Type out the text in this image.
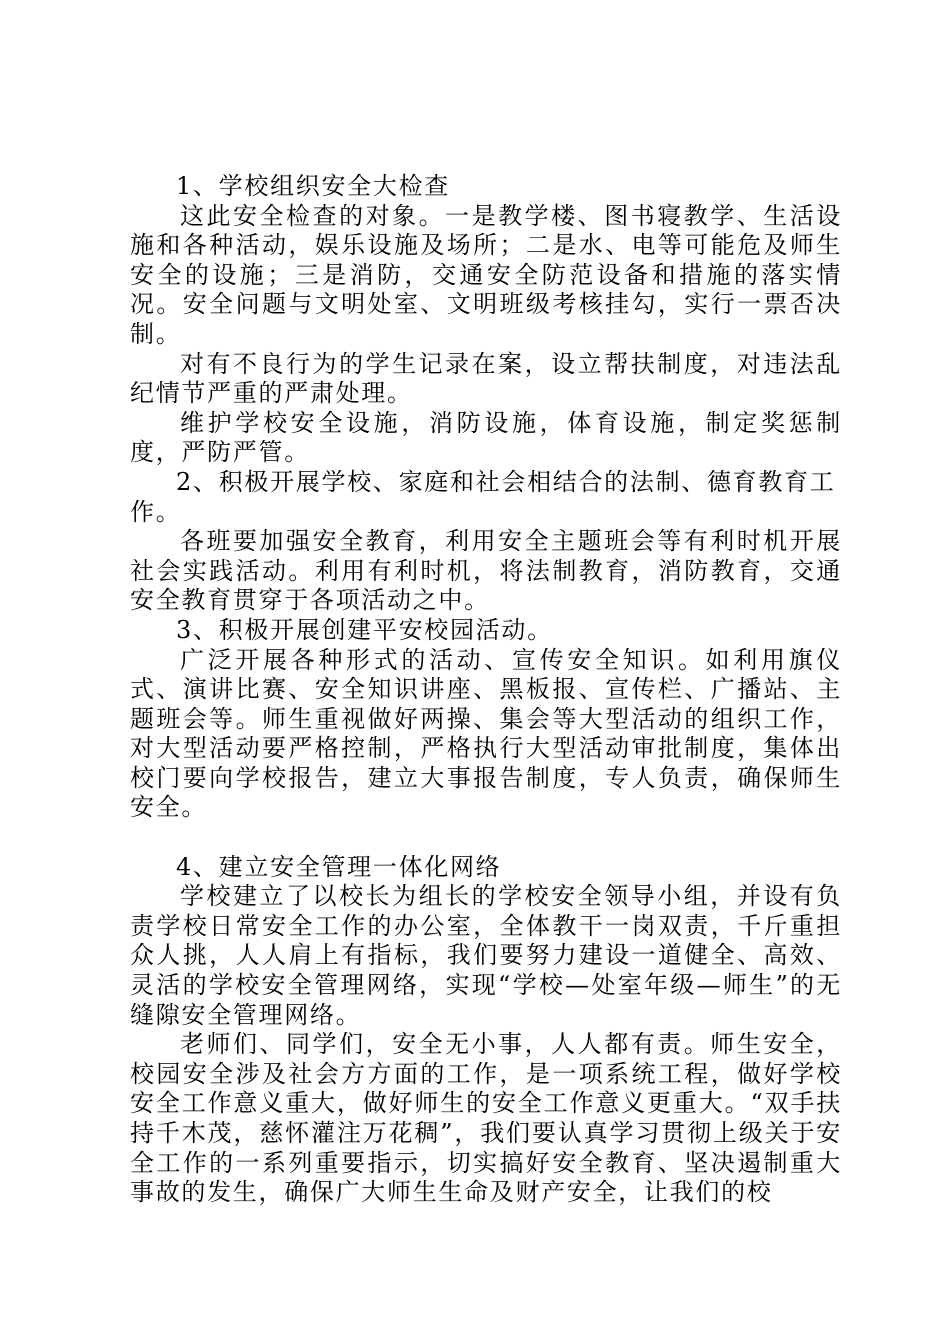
1、学校组织安全大检查

这此安全检查的对象。一是教学楼、图书寝教学、生活设施和各种活动，娱乐设施及场所；二是水、电等可能危及师生安全的设施；三是消防，交通安全防范设备和措施的落实情况。安全问题与文明处室、文明班级考核挂勾，实行一票否决制。

对有不良行为的学生记录在案，设立帮扶制度，对违法乱纪情节严重的严肃处理。

维护学校安全设施，消防设施，体育设施，制定奖惩制度，严防严管。

2、积极开展学校、家庭和社会相结合的法制、德育教育工作。

各班要加强安全教育，利用安全主题班会等有利时机开展社会实践活动。利用有利时机，将法制教育，消防教育，交通安全教育贯穿于各项活动之中。

3、积极开展创建平安校园活动。

广泛开展各种形式的活动、宣传安全知识。如利用旗仪式、演讲比赛、安全知识讲座、黑板报、宣传栏、广播站、主题班会等。师生重视做好两操、集会等大型活动的组织工作，对大型活动要严格控制，严格执行大型活动审批制度，集体出校门要向学校报告，建立大事报告制度，专人负责，确保师生安全。

4、建立安全管理一体化网络

学校建立了以校长为组长的学校安全领导小组，并设有负责学校日常安全工作的办公室，全体教干一岗双责，千斤重担众人挑，人人肩上有指标，我们要努力建设一道健全、高效、灵活的学校安全管理网络，实现“学校—处室年级—师生”的无缝隙安全管理网络。

老师们、同学们，安全无小事，人人都有责。师生安全，校园安全涉及社会方方面的工作，是一项系统工程，做好学校安全工作意义重大，做好师生的安全工作意义更重大。“双手扶持千木茂，慈怀灌注万花稠”，我们要认真学习贯彻上级关于安全工作的一系列重要指示，切实搞好安全教育、坚决遏制重大事故的发生，确保广大师生生命及财产安全，让我们的校
